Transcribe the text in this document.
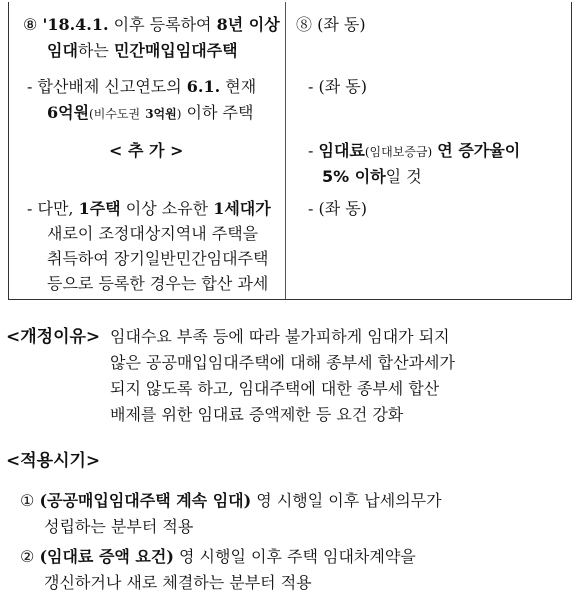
⑧ '18.4.1. 이후 등록하여 8년 이상
임대하는 민간매입임대주택
- 합산배제 신고연도의 6.1. 현재
6억원(비수도권 3억원) 이하 주택
< 추 가 >
- 다만, 1주택 이상 소유한 1세대가
새로이 조정대상지역내 주택을
취득하여 장기일반민간임대주택
등으로 등록한 경우는 합산 과세
⑧ (좌 동)
- (좌 동)
- 임대료(임대보증금) 연 증가율이
5% 이하일 것
- (좌 동)
<개정이유> 임대수요 부족 등에 따라 불가피하게 임대가 되지
않은 공공매입임대주택에 대해 종부세 합산과세가
되지 않도록 하고, 임대주택에 대한 종부세 합산
배제를 위한 임대료 증액제한 등 요건 강화
<적용시기>
① (공공매입임대주택 계속 임대) 영 시행일 이후 납세의무가
성립하는 분부터 적용
② (임대료 증액 요건) 영 시행일 이후 주택 임대차계약을
갱신하거나 새로 체결하는 분부터 적용
